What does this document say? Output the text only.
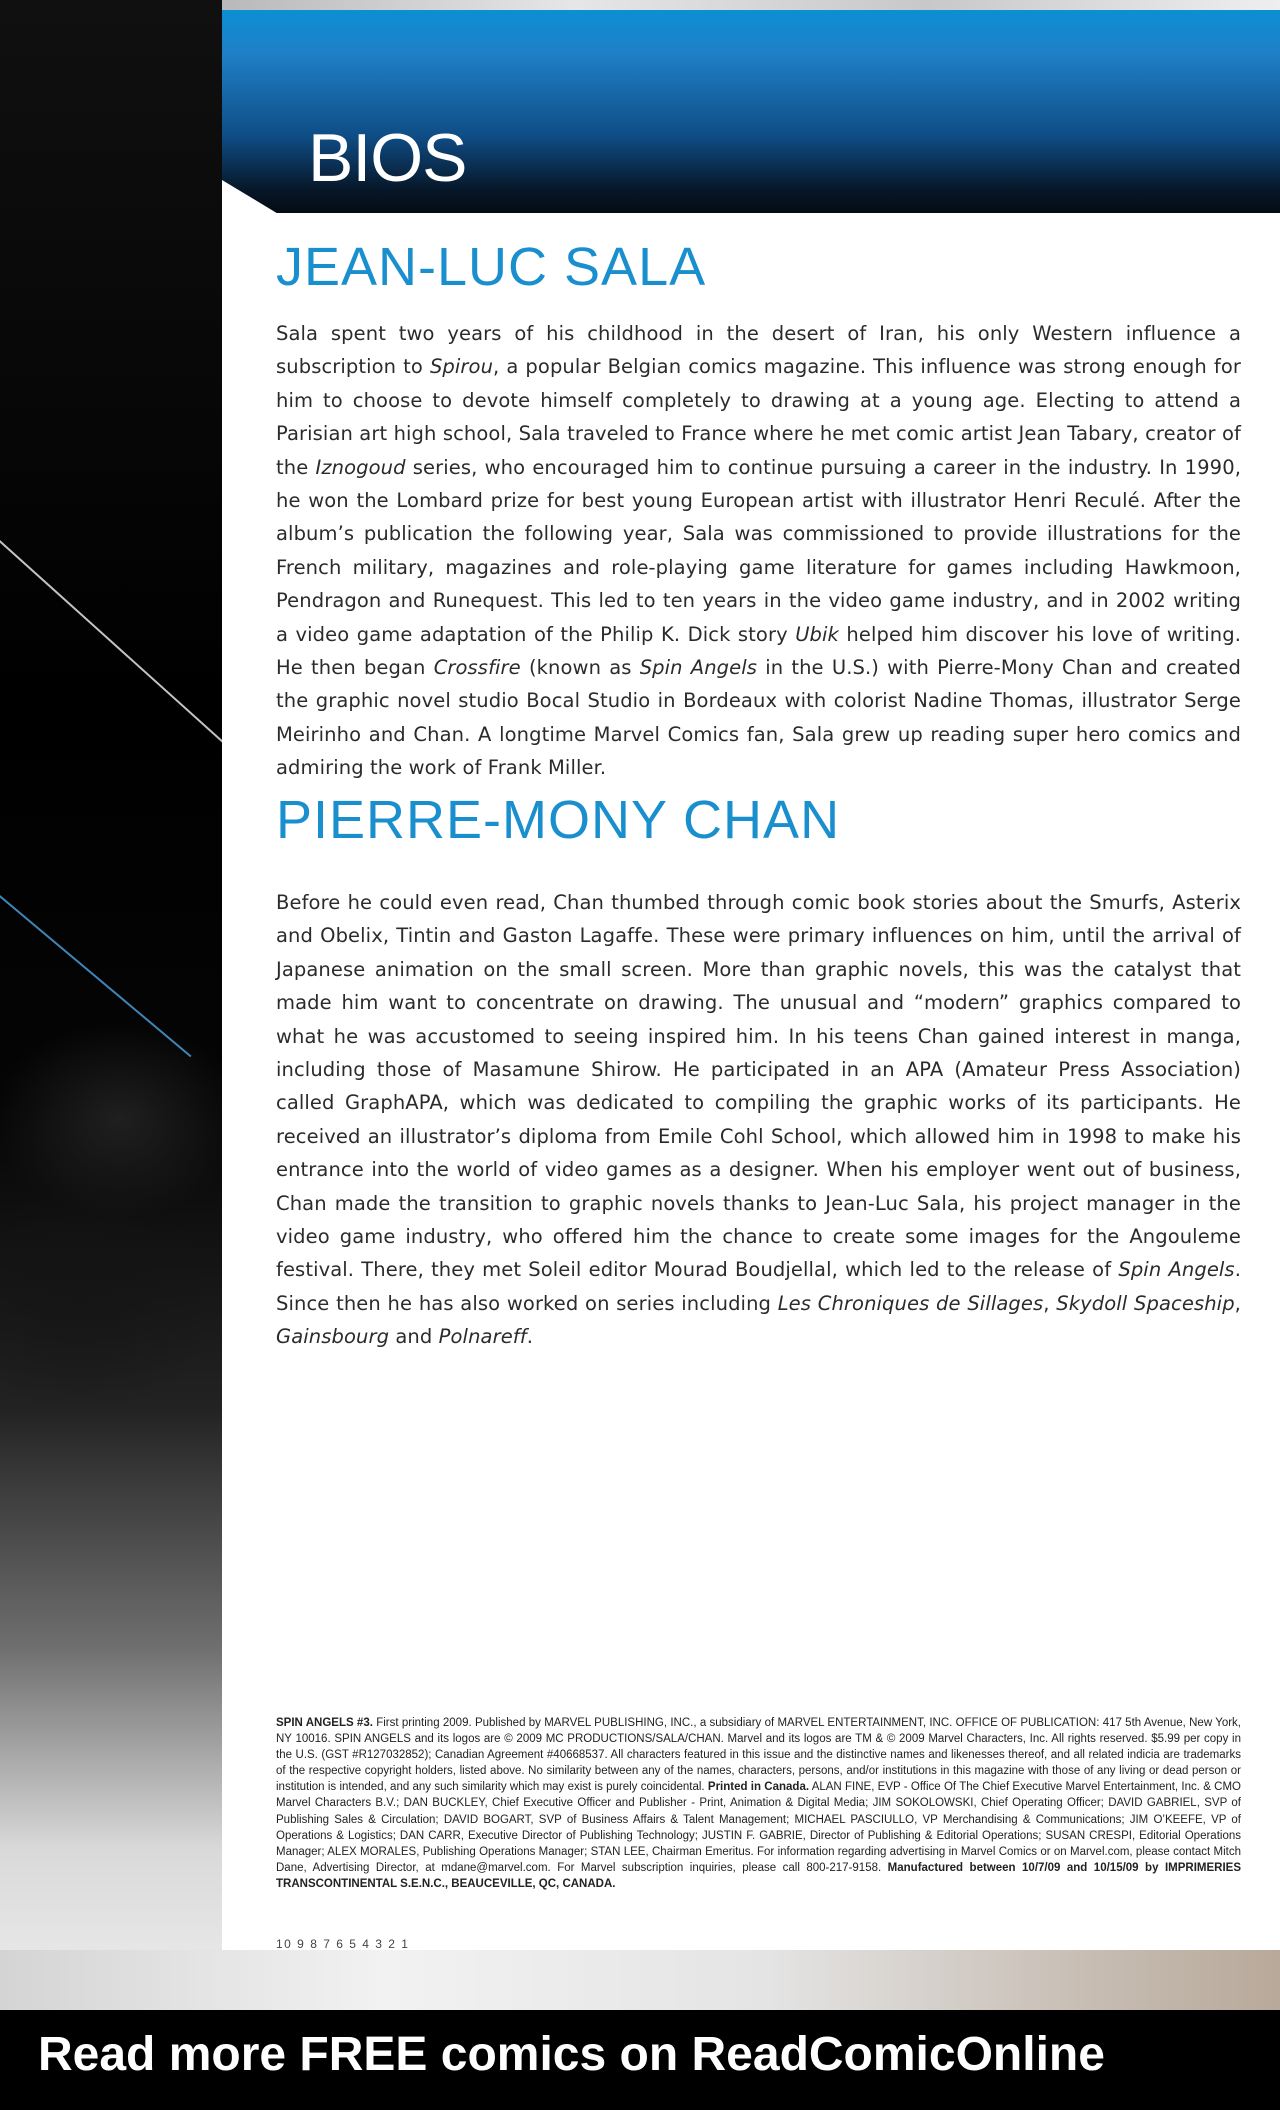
BIOS
JEAN-LUC SALA

Sala spent two years of his childhood in the desert of Iran, his only Western influence a subscription to Spirou, a popular Belgian comics magazine. This influence was strong enough for him to choose to devote himself completely to drawing at a young age. Electing to attend a Parisian art high school, Sala traveled to France where he met comic artist Jean Tabary, creator of the Iznogoud series, who encouraged him to continue pursuing a career in the industry. In 1990, he won the Lombard prize for best young European artist with illustrator Henri Reculé. After the album’s publication the following year, Sala was commissioned to provide illustrations for the French military, magazines and role-playing game literature for games including Hawkmoon, Pendragon and Runequest. This led to ten years in the video game industry, and in 2002 writing a video game adaptation of the Philip K. Dick story Ubik helped him discover his love of writing. He then began Crossfire (known as Spin Angels in the U.S.) with Pierre-Mony Chan and created the graphic novel studio Bocal Studio in Bordeaux with colorist Nadine Thomas, illustrator Serge Meirinho and Chan. A longtime Marvel Comics fan, Sala grew up reading super hero comics and admiring the work of Frank Miller.

PIERRE-MONY CHAN

Before he could even read, Chan thumbed through comic book stories about the Smurfs, Asterix and Obelix, Tintin and Gaston Lagaffe. These were primary influences on him, until the arrival of Japanese animation on the small screen. More than graphic novels, this was the catalyst that made him want to concentrate on drawing. The unusual and “modern” graphics compared to what he was accustomed to seeing inspired him. In his teens Chan gained interest in manga, including those of Masamune Shirow. He participated in an APA (Amateur Press Association) called GraphAPA, which was dedicated to compiling the graphic works of its participants. He received an illustrator’s diploma from Emile Cohl School, which allowed him in 1998 to make his entrance into the world of video games as a designer. When his employer went out of business, Chan made the transition to graphic novels thanks to Jean-Luc Sala, his project manager in the video game industry, who offered him the chance to create some images for the Angouleme festival. There, they met Soleil editor Mourad Boudjellal, which led to the release of Spin Angels. Since then he has also worked on series including Les Chroniques de Sillages, Skydoll Spaceship, Gainsbourg and Polnareff.

SPIN ANGELS #3. First printing 2009. Published by MARVEL PUBLISHING, INC., a subsidiary of MARVEL ENTERTAINMENT, INC. OFFICE OF PUBLICATION: 417 5th Avenue, New York, NY 10016. SPIN ANGELS and its logos are © 2009 MC PRODUCTIONS/SALA/CHAN. Marvel and its logos are TM & © 2009 Marvel Characters, Inc. All rights reserved. $5.99 per copy in the U.S. (GST #R127032852); Canadian Agreement #40668537. All characters featured in this issue and the distinctive names and likenesses thereof, and all related indicia are trademarks of the respective copyright holders, listed above. No similarity between any of the names, characters, persons, and/or institutions in this magazine with those of any living or dead person or institution is intended, and any such similarity which may exist is purely coincidental. Printed in Canada. ALAN FINE, EVP - Office Of The Chief Executive Marvel Entertainment, Inc. & CMO Marvel Characters B.V.; DAN BUCKLEY, Chief Executive Officer and Publisher - Print, Animation & Digital Media; JIM SOKOLOWSKI, Chief Operating Officer; DAVID GABRIEL, SVP of Publishing Sales & Circulation; DAVID BOGART, SVP of Business Affairs & Talent Management; MICHAEL PASCIULLO, VP Merchandising & Communications; JIM O’KEEFE, VP of Operations & Logistics; DAN CARR, Executive Director of Publishing Technology; JUSTIN F. GABRIE, Director of Publishing & Editorial Operations; SUSAN CRESPI, Editorial Operations Manager; ALEX MORALES, Publishing Operations Manager; STAN LEE, Chairman Emeritus. For information regarding advertising in Marvel Comics or on Marvel.com, please contact Mitch Dane, Advertising Director, at mdane@marvel.com. For Marvel subscription inquiries, please call 800-217-9158. Manufactured between 10/7/09 and 10/15/09 by IMPRIMERIES TRANSCONTINENTAL S.E.N.C., BEAUCEVILLE, QC, CANADA.

10 9 8 7 6 5 4 3 2 1
Read more FREE comics on ReadComicOnline
